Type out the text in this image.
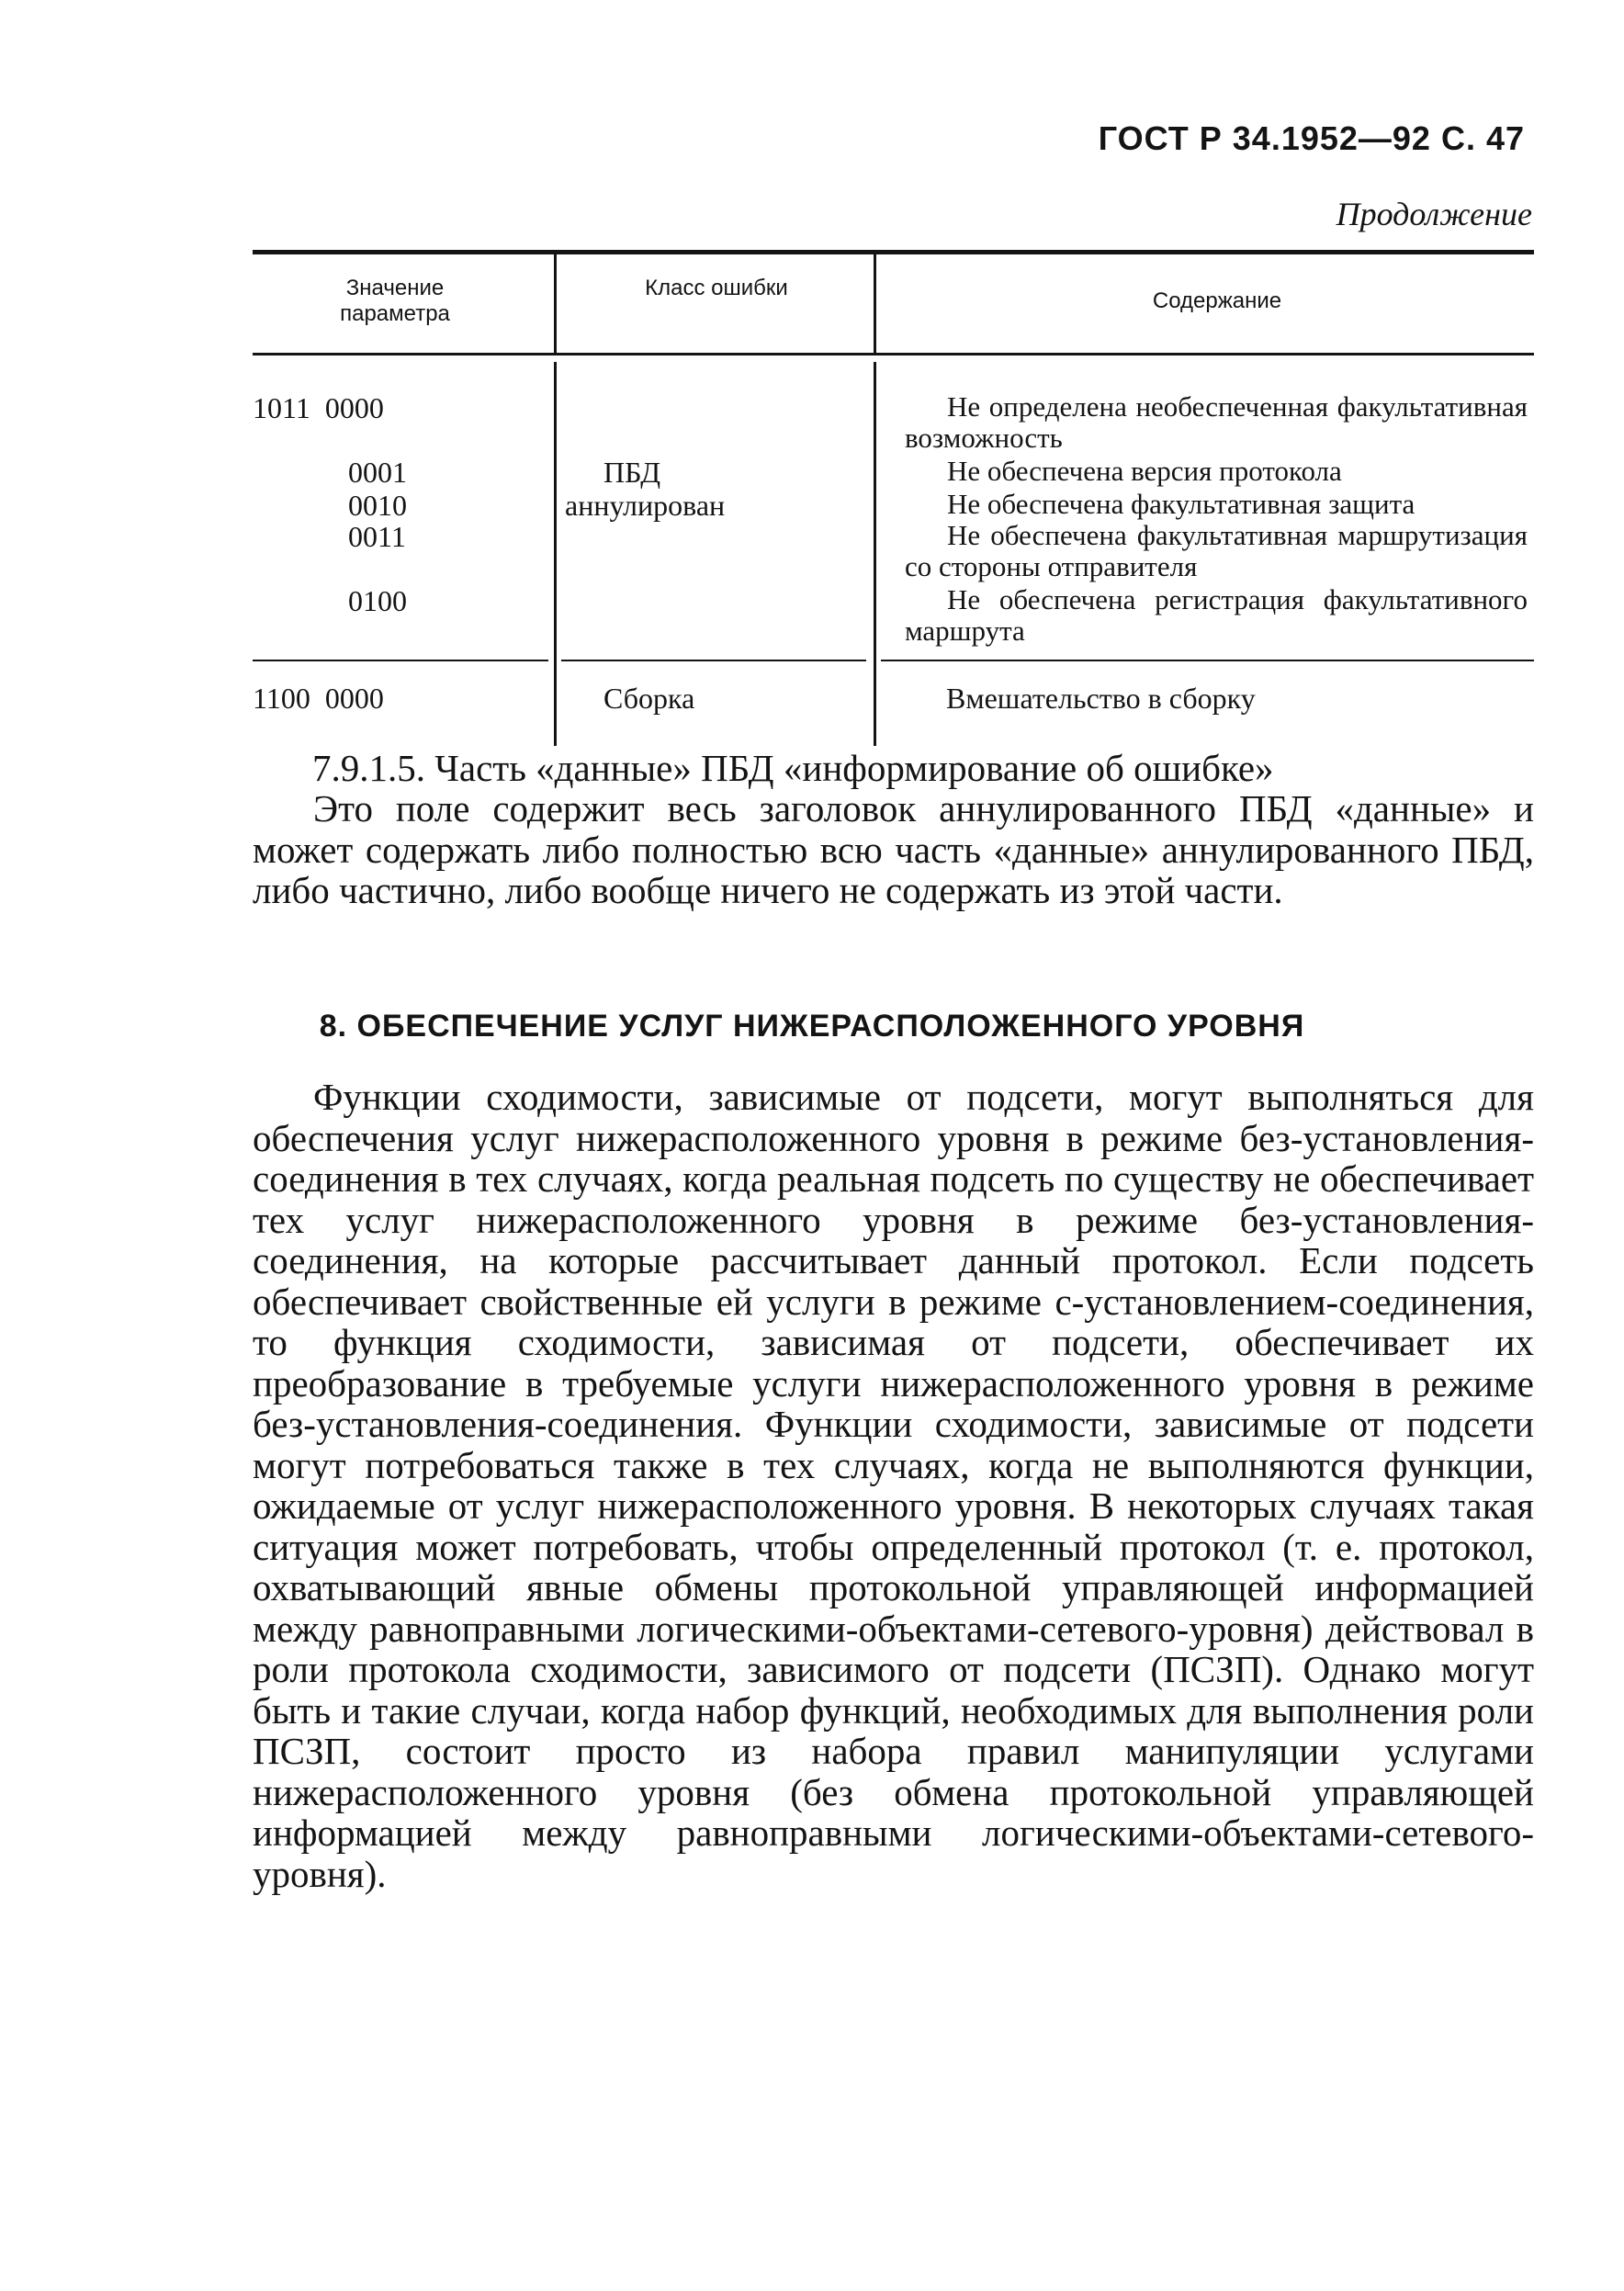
ГОСТ Р 34.1952—92 С. 47
Продолжение
Значение параметра
Класс ошибки
Содержание
1011  0000
0001
0010
0011
0100
ПБД аннулирован
Не определена необеспеченная факультативная возможность
Не обеспечена версия протокола
Не обеспечена факультативная защита
Не обеспечена факультативная маршрутизация со стороны отправителя
Не обеспечена регистрация факультативного маршрута
1100  0000	Сборка	Вмешательство в сборку
7.9.1.5. Часть «данные» ПБД «информирование об ошибке»
Это поле содержит весь заголовок аннулированного ПБД «данные» и может содержать либо полностью всю часть «данные» аннулированного ПБД, либо частично, либо вообще ничего не содержать из этой части.
8. ОБЕСПЕЧЕНИЕ УСЛУГ НИЖЕРАСПОЛОЖЕННОГО УРОВНЯ
Функции сходимости, зависимые от подсети, могут выполняться для обеспечения услуг нижерасположенного уровня в режиме без-установления-соединения в тех случаях, когда реальная подсеть по существу не обеспечивает тех услуг нижерасположенного уровня в режиме без-установления-соединения, на которые рассчитывает данный протокол. Если подсеть обеспечивает свойственные ей услуги в режиме с-установлением-соединения, то функция сходимости, зависимая от подсети, обеспечивает их преобразование в требуемые услуги нижерасположенного уровня в режиме без-установления-соединения. Функции сходимости, зависимые от подсети могут потребоваться также в тех случаях, когда не выполняются функции, ожидаемые от услуг нижерасположенного уровня. В некоторых случаях такая ситуация может потребовать, чтобы определенный протокол (т. е. протокол, охватывающий явные обмены протокольной управляющей информацией между равноправными логическими-объектами-сетевого-уровня) действовал в роли протокола сходимости, зависимого от подсети (ПСЗП). Однако могут быть и такие случаи, когда набор функций, необходимых для выполнения роли ПСЗП, состоит просто из набора правил манипуляции услугами нижерасположенного уровня (без обмена протокольной управляющей информацией между равноправными логическими-объектами-сетевого-уровня).
